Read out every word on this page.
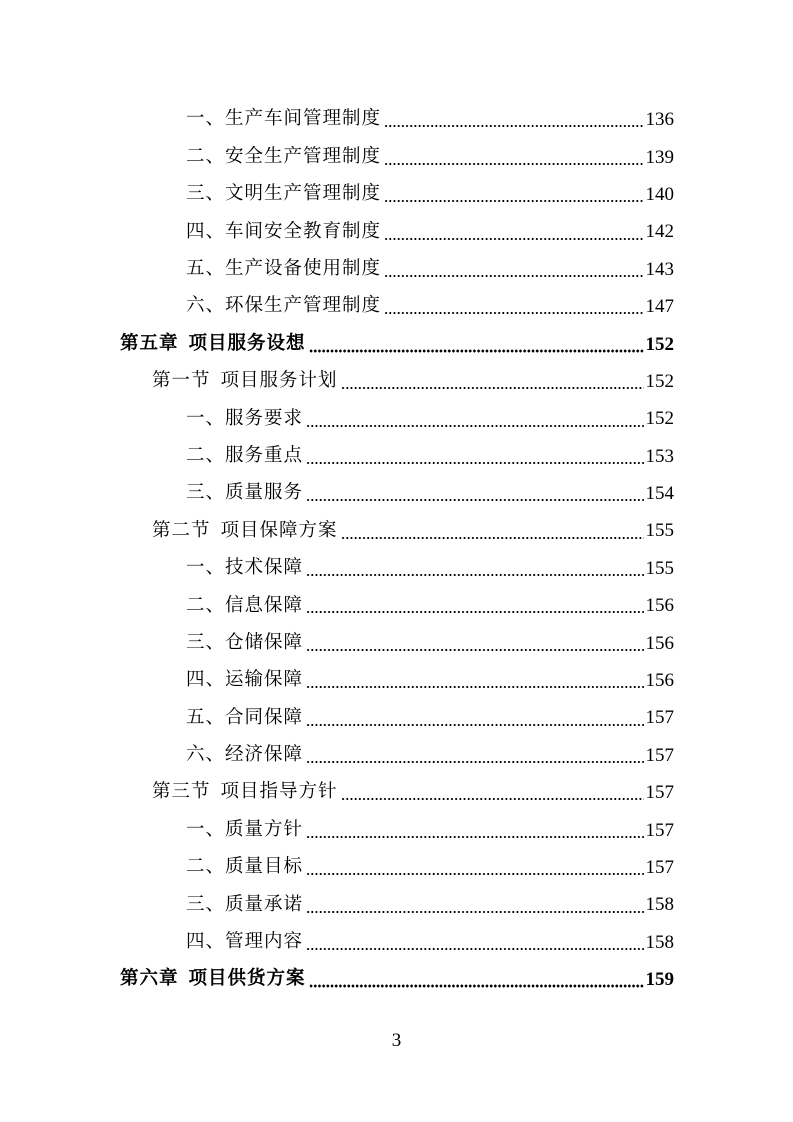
一、生产车间管理制度	136
二、安全生产管理制度	139
三、文明生产管理制度	140
四、车间安全教育制度	142
五、生产设备使用制度	143
六、环保生产管理制度	147
第五章 项目服务设想	152
第一节 项目服务计划	152
一、服务要求	152
二、服务重点	153
三、质量服务	154
第二节 项目保障方案	155
一、技术保障	155
二、信息保障	156
三、仓储保障	156
四、运输保障	156
五、合同保障	157
六、经济保障	157
第三节 项目指导方针	157
一、质量方针	157
二、质量目标	157
三、质量承诺	158
四、管理内容	158
第六章 项目供货方案	159
3
